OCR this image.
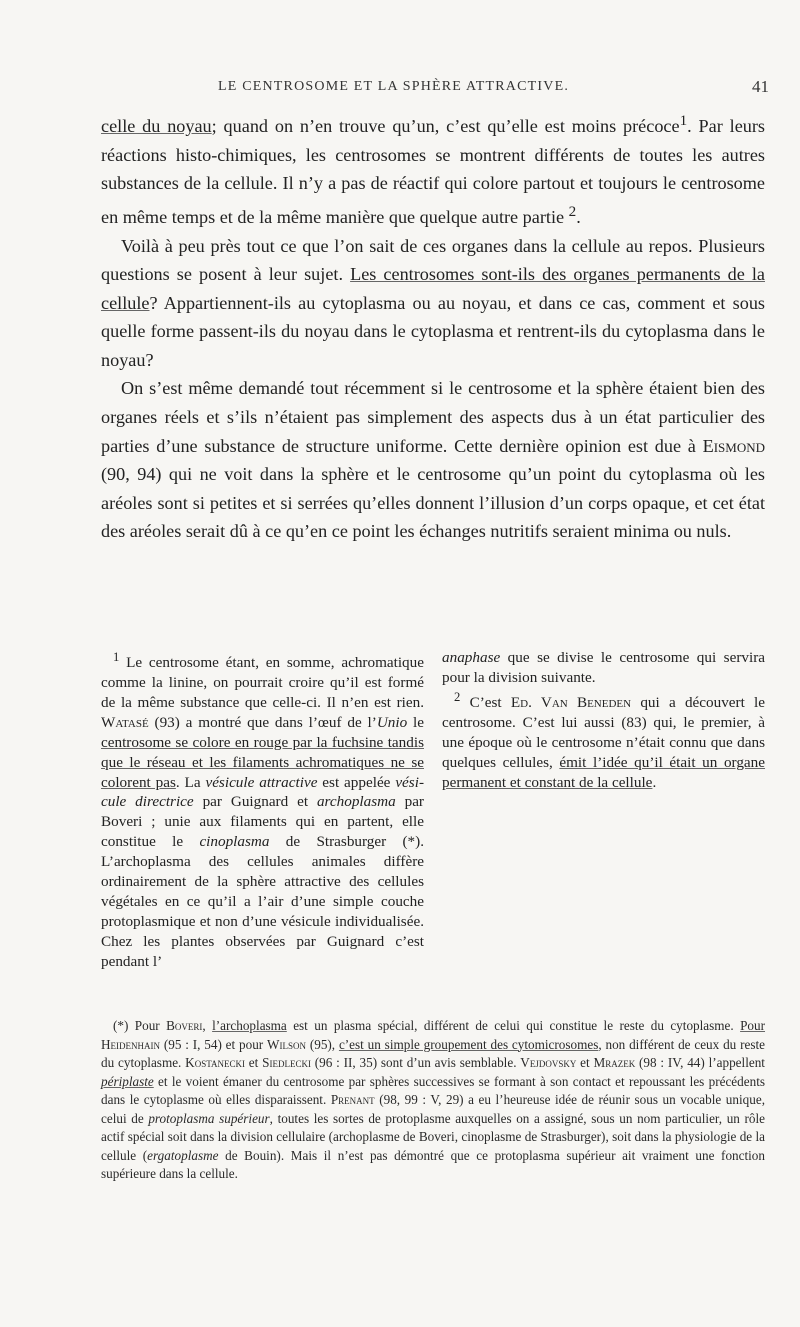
LE CENTROSOME ET LA SPHÈRE ATTRACTIVE.	41

celle du noyau; quand on n’en trouve qu’un, c’est qu’elle est moins précoce$^1$. Par leurs réactions histo-chimiques, les centrosomes se montrent différents de toutes les autres substances de la cellule. Il n’y a pas de réactif qui colore partout et toujours le centrosome en même temps et de la même manière que quelque autre partie $^2$.

Voilà à peu près tout ce que l’on sait de ces organes dans la cellule au repos. Plusieurs questions se posent à leur sujet. Les centrosomes sont-ils des organes permanents de la cellule? Appartiennent-ils au cytoplasma ou au noyau, et dans ce cas, comment et sous quelle forme passent-ils du noyau dans le cytoplasma et rentrent-ils du cytoplasma dans le noyau?

On s’est même demandé tout récemment si le centrosome et la sphère étaient bien des organes réels et s’ils n’étaient pas simplement des aspects dus à un état particulier des parties d’une substance de structure uniforme. Cette dernière opinion est due à Eismond (90, 94) qui ne voit dans la sphère et le centrosome qu’un point du cytoplasma où les aréoles sont si petites et si serrées qu’elles donnent l’illusion d’un corps opaque, et cet état des aréoles serait dû à ce qu’en ce point les échanges nutritifs seraient minima ou nuls.

$^1$ Le centrosome étant, en somme, achromatique comme la linine, on pourrait croire qu’il est formé de la même substance que celle-ci. Il n’en est rien. Watasé (93) a montré que dans l’œuf de l’Unio le centrosome se colore en rouge par la fuchsine tandis que le réseau et les filaments achromatiques ne se colorent pas. La vésicule attractive est appelée vésicule directrice par Guignard et archoplasma par Boveri ; unie aux filaments qui en partent, elle constitue le cinoplasma de Strasburger (*). L’archoplasma des cellules animales diffère ordinairement de la sphère attractive des cellules végétales en ce qu’il a l’air d’une simple couche protoplasmique et non d’une vésicule individualisée. Chez les plantes observées par Guignard c’est pendant l’

anaphase que se divise le centrosome qui servira pour la division suivante.

$^2$ C’est Ed. Van Beneden qui a découvert le centrosome. C’est lui aussi (83) qui, le premier, à une époque où le centrosome n’était connu que dans quelques cellules, émit l’idée qu’il était un organe permanent et constant de la cellule.

(*) Pour Boveri, l’archoplasma est un plasma spécial, différent de celui qui constitue le reste du cytoplasme. Pour Heidenhain (95 : I, 54) et pour Wilson (95), c’est un simple groupement des cytomicrosomes, non différent de ceux du reste du cytoplasme. Kostanecki et Siedlecki (96 : II, 35) sont d’un avis semblable. Vejdovsky et Mrazek (98 : IV, 44) l’appellent périplaste et le voient émaner du centrosome par sphères successives se formant à son contact et repoussant les précédents dans le cytoplasme où elles disparaissent. Prenant (98, 99 : V, 29) a eu l’heureuse idée de réunir sous un vocable unique, celui de protoplasma supérieur, toutes les sortes de protoplasme auxquelles on a assigné, sous un nom particulier, un rôle actif spécial soit dans la division cellulaire (archoplasme de Boveri, cinoplasme de Strasburger), soit dans la physiologie de la cellule (ergatoplasme de Bouin). Mais il n’est pas démontré que ce protoplasma supérieur ait vraiment une fonction supérieure dans la cellule.
